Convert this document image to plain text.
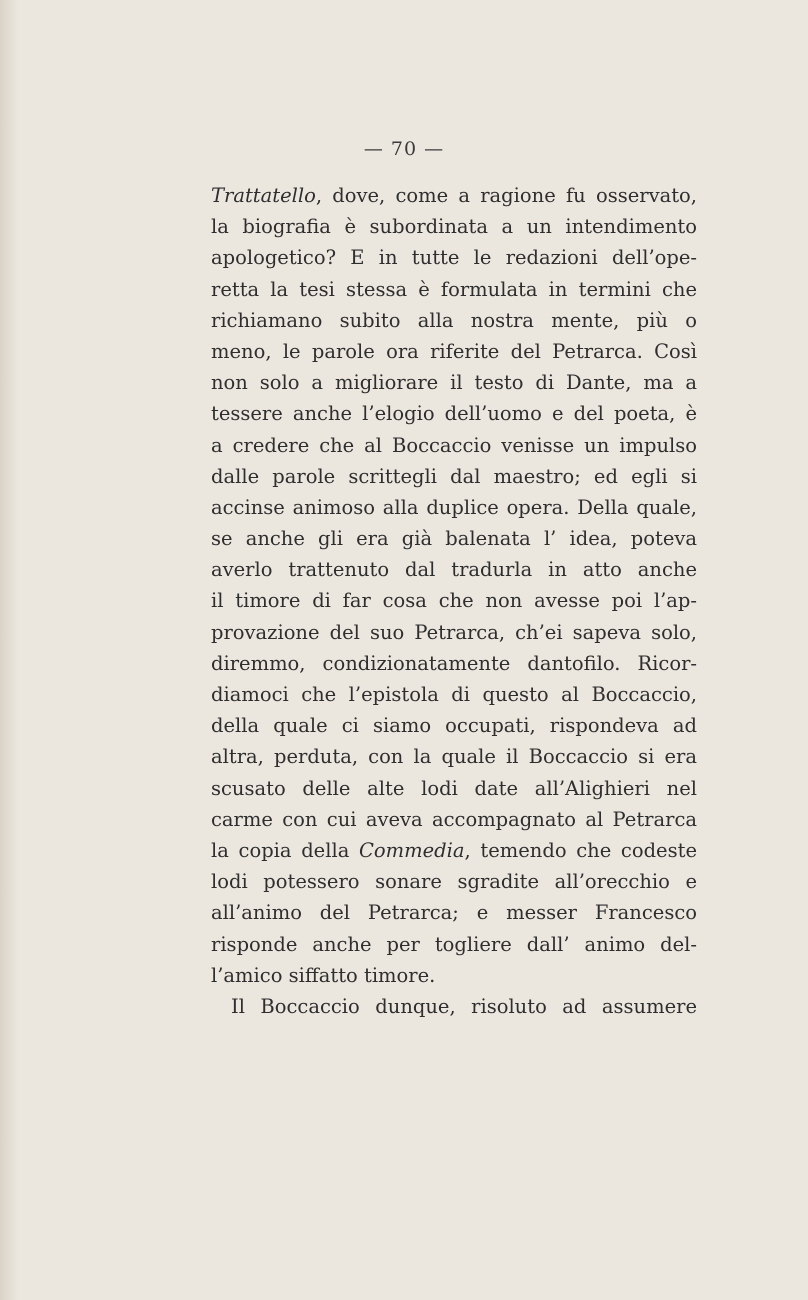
— 70 —
Trattatello, dove, come a ragione fu osservato,
la biografia è subordinata a un intendimento
apologetico? E in tutte le redazioni dell’ope-
retta la tesi stessa è formulata in termini che
richiamano subito alla nostra mente, più o
meno, le parole ora riferite del Petrarca. Così
non solo a migliorare il testo di Dante, ma a
tessere anche l’elogio dell’uomo e del poeta, è
a credere che al Boccaccio venisse un impulso
dalle parole scrittegli dal maestro; ed egli si
accinse animoso alla duplice opera. Della quale,
se anche gli era già balenata l’ idea, poteva
averlo trattenuto dal tradurla in atto anche
il timore di far cosa che non avesse poi l’ap-
provazione del suo Petrarca, ch’ei sapeva solo,
diremmo, condizionatamente dantofilo. Ricor-
diamoci che l’epistola di questo al Boccaccio,
della quale ci siamo occupati, rispondeva ad
altra, perduta, con la quale il Boccaccio si era
scusato delle alte lodi date all’Alighieri nel
carme con cui aveva accompagnato al Petrarca
la copia della Commedia, temendo che codeste
lodi potessero sonare sgradite all’orecchio e
all’animo del Petrarca; e messer Francesco
risponde anche per togliere dall’ animo del-
l’amico siffatto timore.
Il Boccaccio dunque, risoluto ad assumere
